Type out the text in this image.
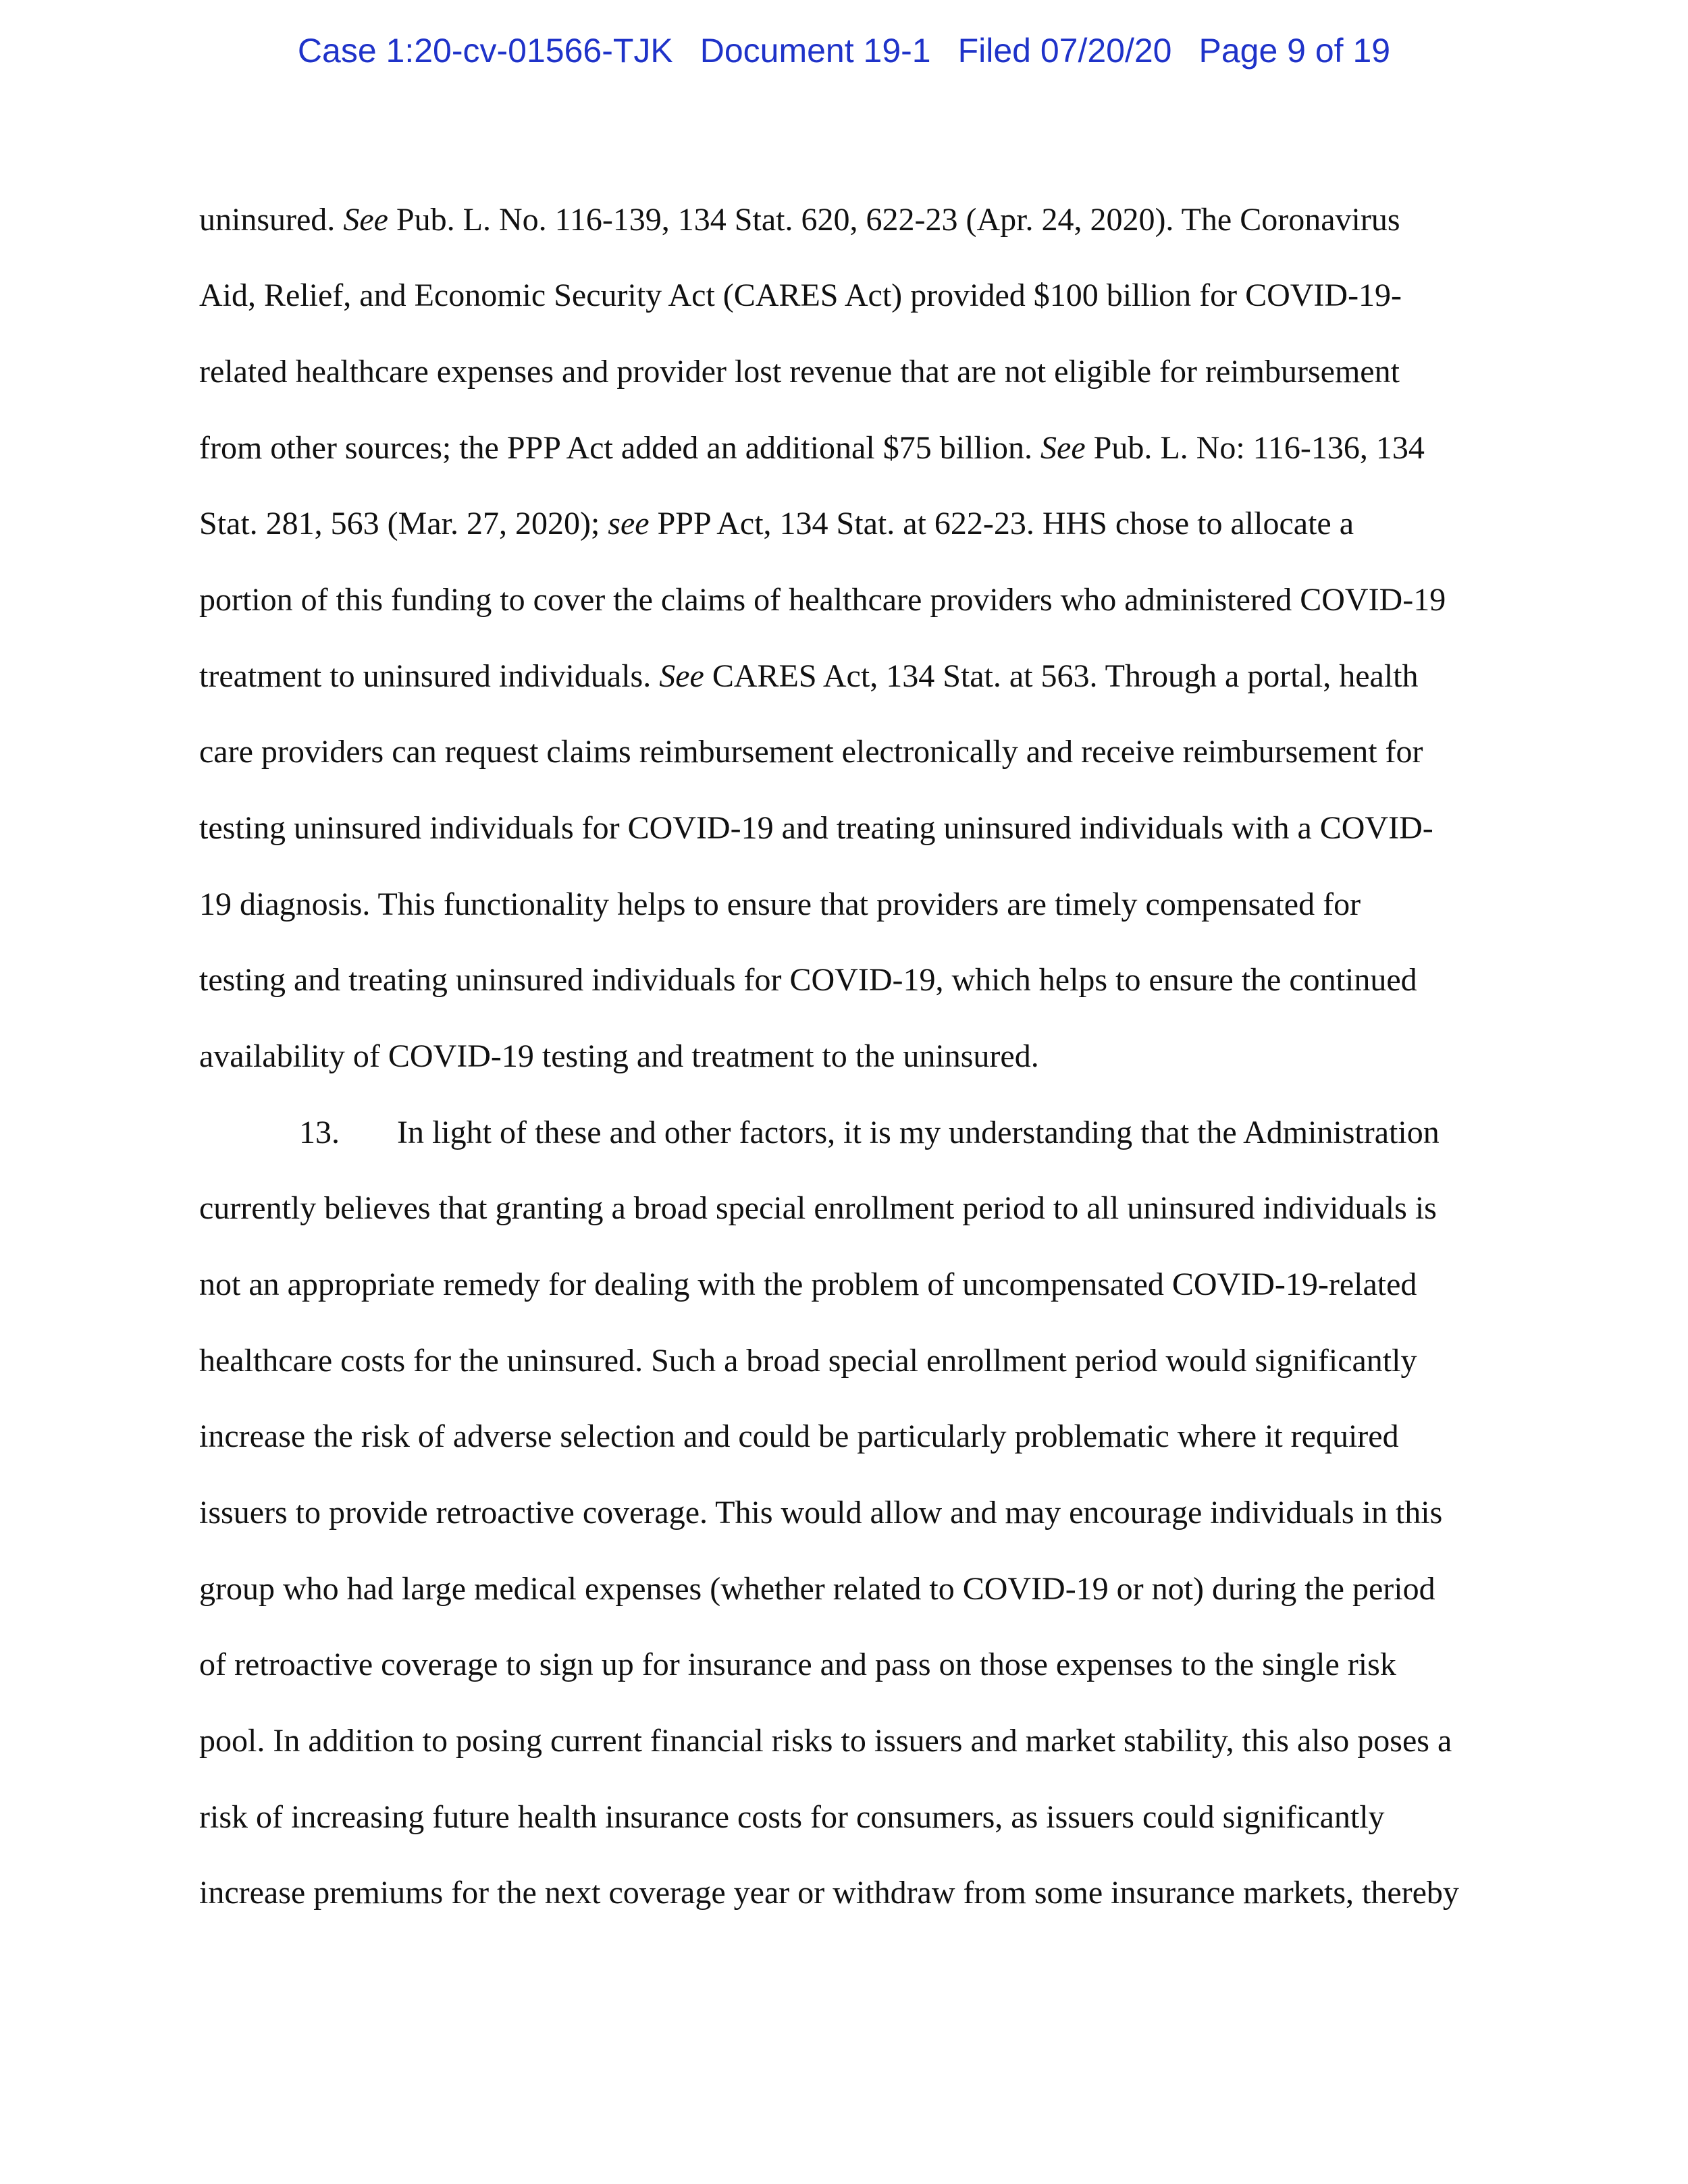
Case 1:20-cv-01566-TJK Document 19-1 Filed 07/20/20 Page 9 of 19
uninsured. See Pub. L. No. 116-139, 134 Stat. 620, 622-23 (Apr. 24, 2020). The Coronavirus
Aid, Relief, and Economic Security Act (CARES Act) provided $100 billion for COVID-19-
related healthcare expenses and provider lost revenue that are not eligible for reimbursement
from other sources; the PPP Act added an additional $75 billion. See Pub. L. No: 116-136, 134
Stat. 281, 563 (Mar. 27, 2020); see PPP Act, 134 Stat. at 622-23. HHS chose to allocate a
portion of this funding to cover the claims of healthcare providers who administered COVID-19
treatment to uninsured individuals. See CARES Act, 134 Stat. at 563. Through a portal, health
care providers can request claims reimbursement electronically and receive reimbursement for
testing uninsured individuals for COVID-19 and treating uninsured individuals with a COVID-
19 diagnosis. This functionality helps to ensure that providers are timely compensated for
testing and treating uninsured individuals for COVID-19, which helps to ensure the continued
availability of COVID-19 testing and treatment to the uninsured.
13. In light of these and other factors, it is my understanding that the Administration
currently believes that granting a broad special enrollment period to all uninsured individuals is
not an appropriate remedy for dealing with the problem of uncompensated COVID-19-related
healthcare costs for the uninsured. Such a broad special enrollment period would significantly
increase the risk of adverse selection and could be particularly problematic where it required
issuers to provide retroactive coverage. This would allow and may encourage individuals in this
group who had large medical expenses (whether related to COVID-19 or not) during the period
of retroactive coverage to sign up for insurance and pass on those expenses to the single risk
pool. In addition to posing current financial risks to issuers and market stability, this also poses a
risk of increasing future health insurance costs for consumers, as issuers could significantly
increase premiums for the next coverage year or withdraw from some insurance markets, thereby
